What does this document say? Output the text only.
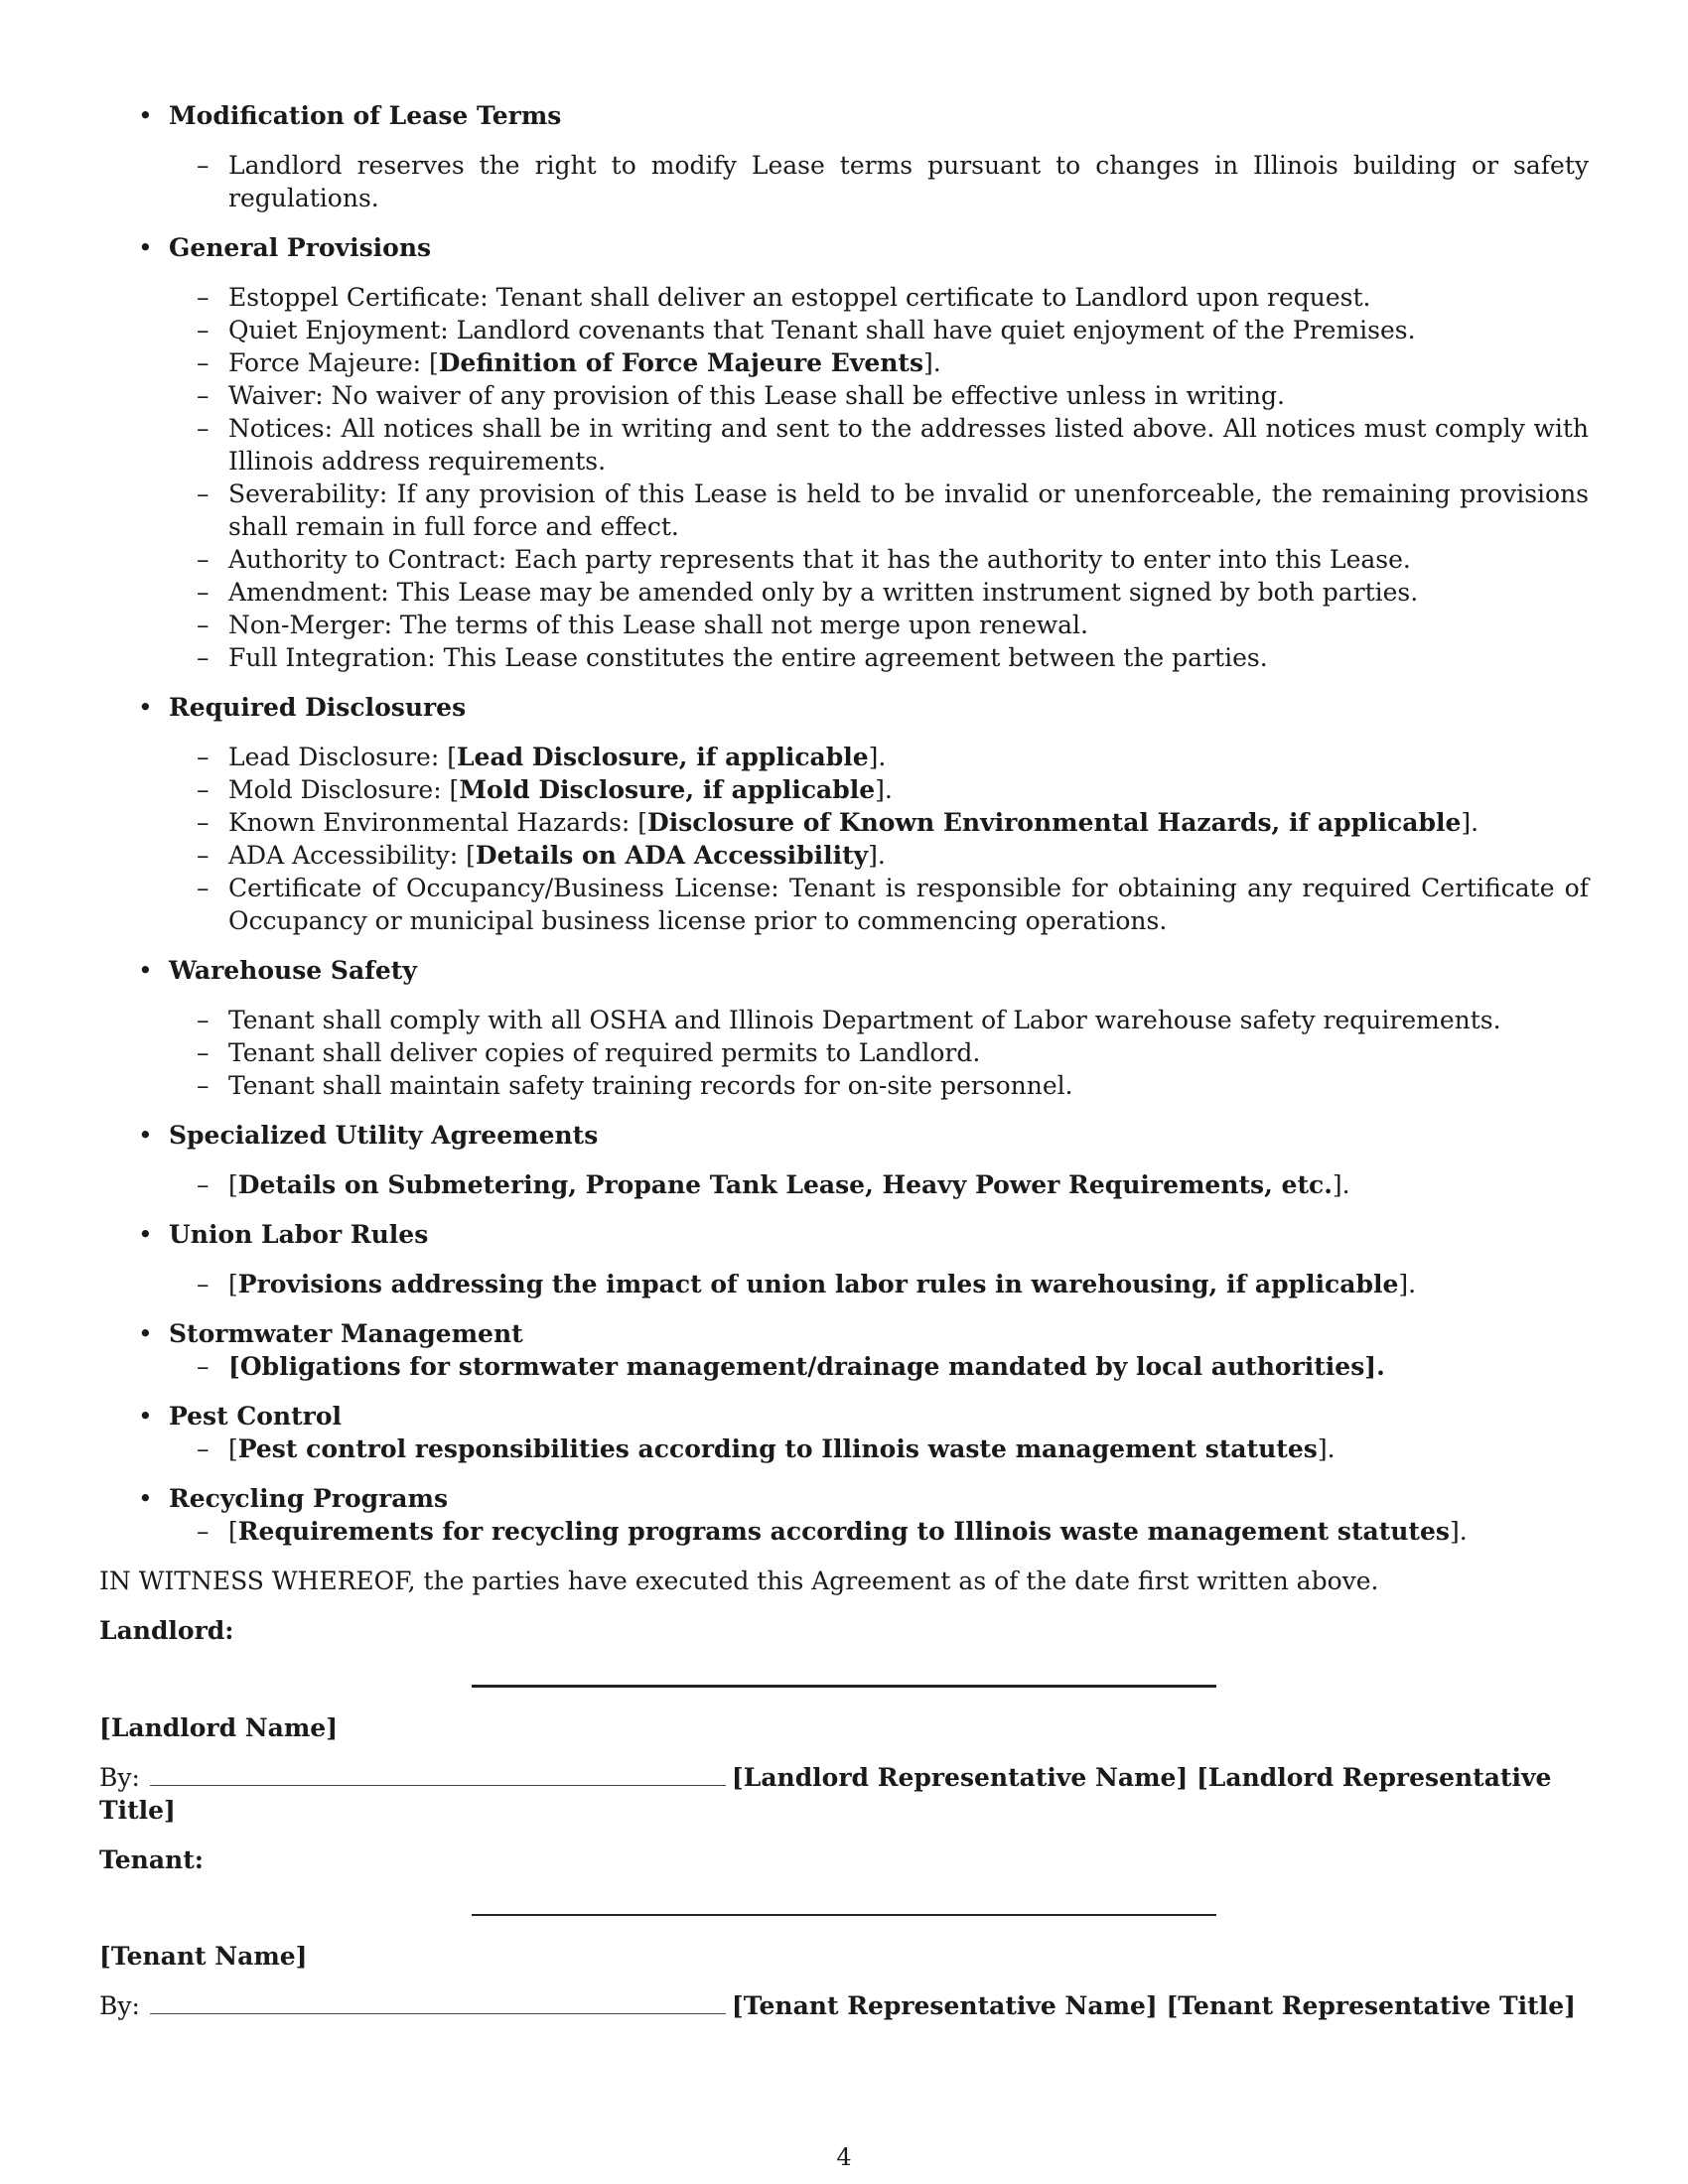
• Modification of Lease Terms

– Landlord reserves the right to modify Lease terms pursuant to changes in Illinois building or safety regulations.

• General Provisions

– Estoppel Certificate: Tenant shall deliver an estoppel certificate to Landlord upon request.
– Quiet Enjoyment: Landlord covenants that Tenant shall have quiet enjoyment of the Premises.
– Force Majeure: [Definition of Force Majeure Events].
– Waiver: No waiver of any provision of this Lease shall be effective unless in writing.
– Notices: All notices shall be in writing and sent to the addresses listed above. All notices must comply with Illinois address requirements.
– Severability: If any provision of this Lease is held to be invalid or unenforceable, the remaining provisions shall remain in full force and effect.
– Authority to Contract: Each party represents that it has the authority to enter into this Lease.
– Amendment: This Lease may be amended only by a written instrument signed by both parties.
– Non-Merger: The terms of this Lease shall not merge upon renewal.
– Full Integration: This Lease constitutes the entire agreement between the parties.

• Required Disclosures

– Lead Disclosure: [Lead Disclosure, if applicable].
– Mold Disclosure: [Mold Disclosure, if applicable].
– Known Environmental Hazards: [Disclosure of Known Environmental Hazards, if applicable].
– ADA Accessibility: [Details on ADA Accessibility].
– Certificate of Occupancy/Business License: Tenant is responsible for obtaining any required Certificate of Occupancy or municipal business license prior to commencing operations.

• Warehouse Safety

– Tenant shall comply with all OSHA and Illinois Department of Labor warehouse safety requirements.
– Tenant shall deliver copies of required permits to Landlord.
– Tenant shall maintain safety training records for on-site personnel.

• Specialized Utility Agreements

– [Details on Submetering, Propane Tank Lease, Heavy Power Requirements, etc.].

• Union Labor Rules

– [Provisions addressing the impact of union labor rules in warehousing, if applicable].

• Stormwater Management

– [Obligations for stormwater management/drainage mandated by local authorities].

• Pest Control

– [Pest control responsibilities according to Illinois waste management statutes].

• Recycling Programs

– [Requirements for recycling programs according to Illinois waste management statutes].

IN WITNESS WHEREOF, the parties have executed this Agreement as of the date first written above.

Landlord:

[Landlord Name]

By:	[Landlord Representative Name] [Landlord Representative Title]

Tenant:

[Tenant Name]

By:	[Tenant Representative Name] [Tenant Representative Title]
4
